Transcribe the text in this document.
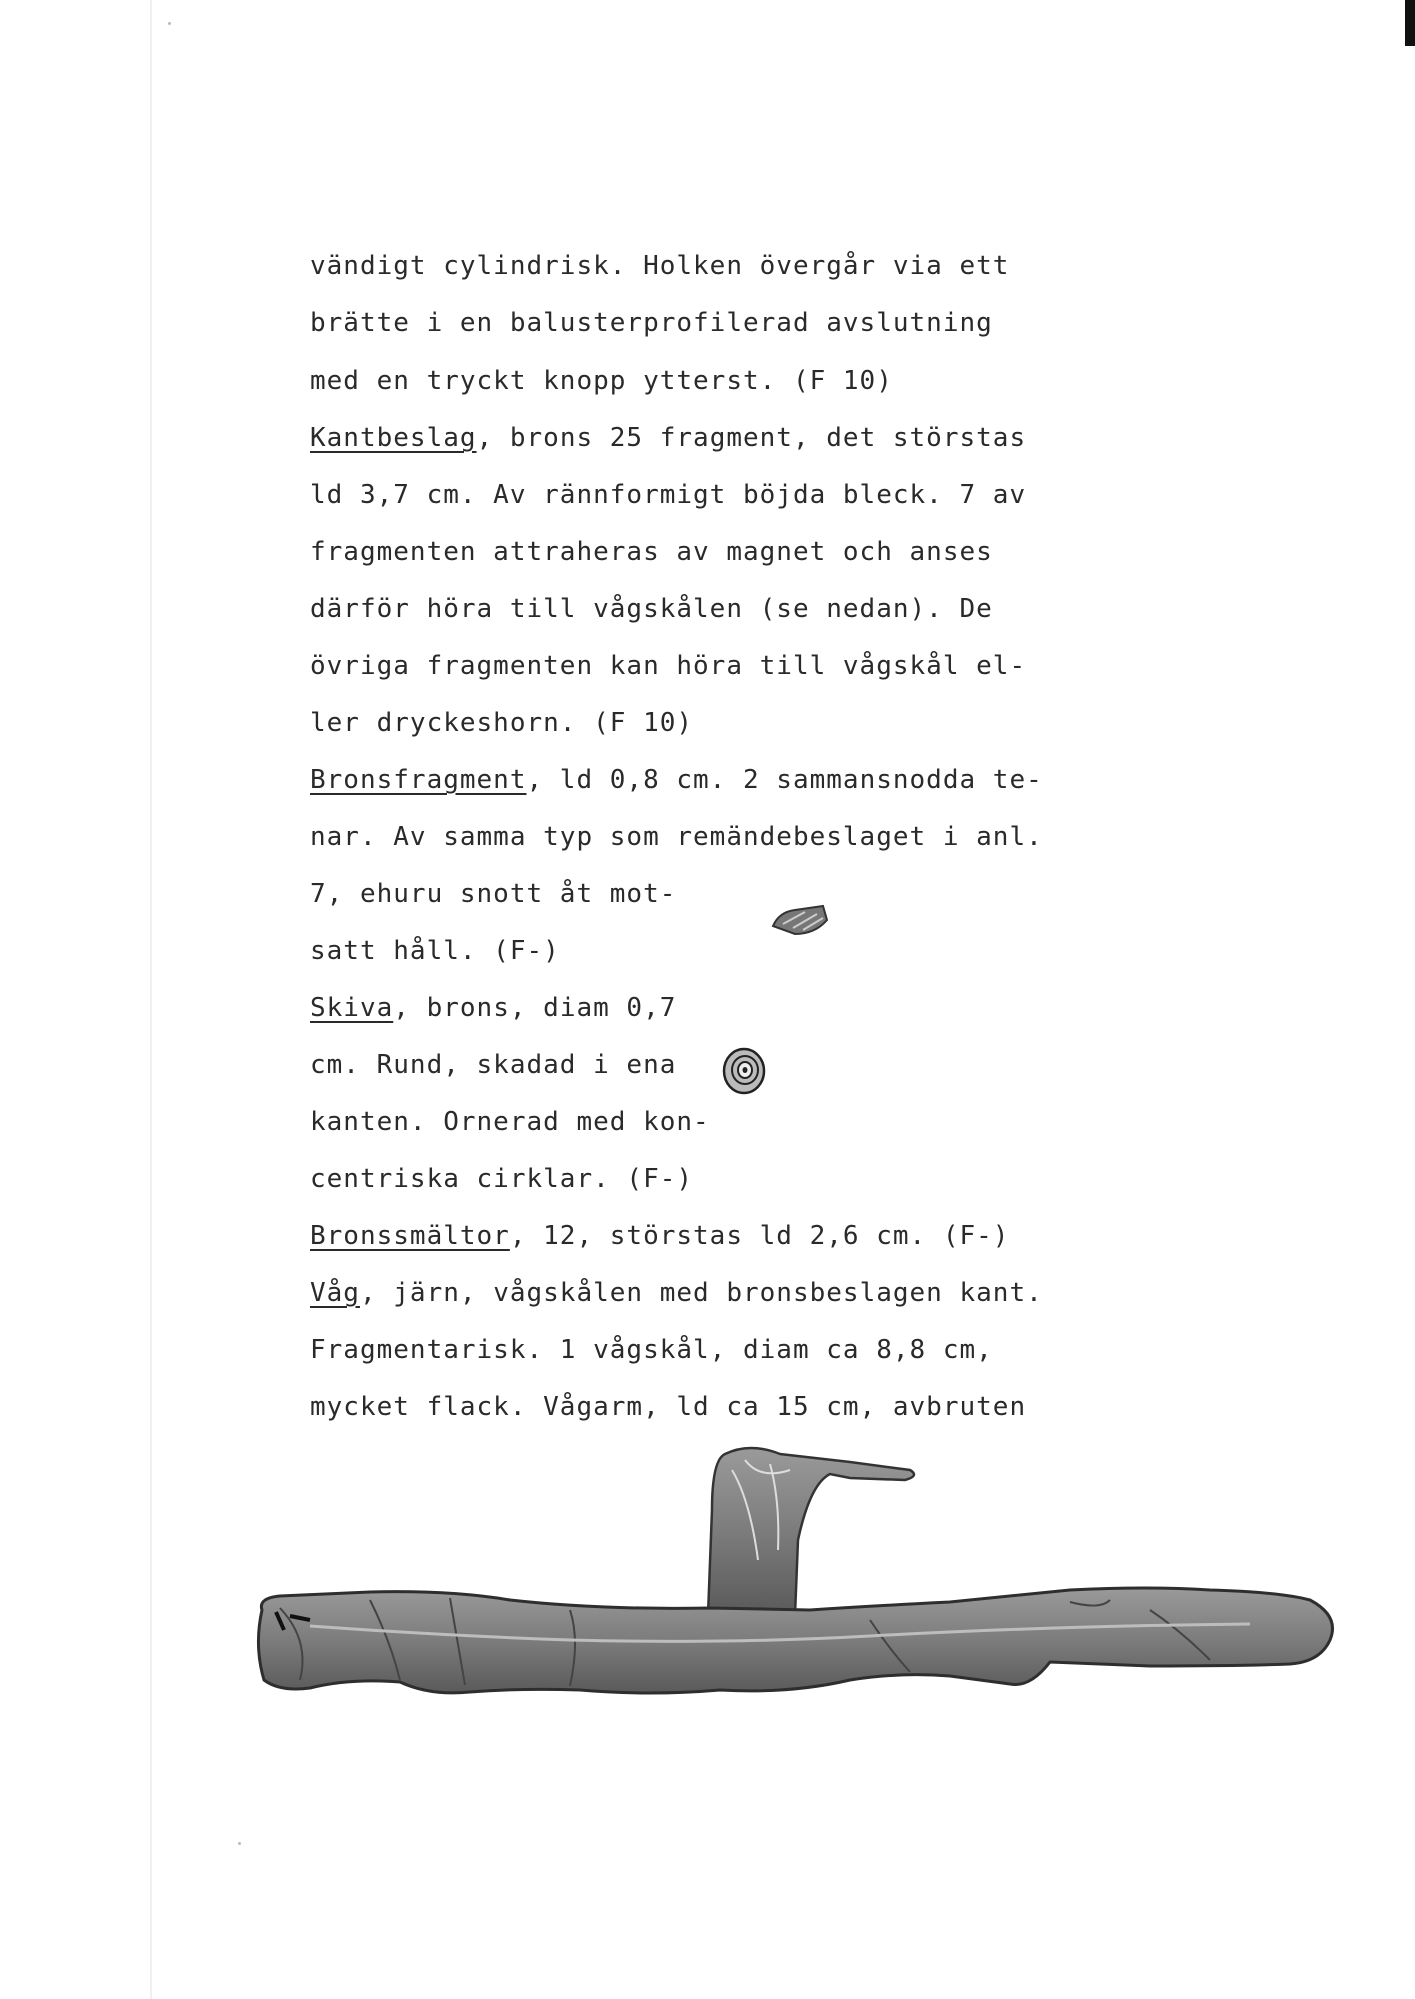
vändigt cylindrisk. Holken övergår via ett
brätte i en balusterprofilerad avslutning
med en tryckt knopp ytterst. (F 10)
Kantbeslag, brons 25 fragment, det störstas
ld 3,7 cm. Av rännformigt böjda bleck. 7 av
fragmenten attraheras av magnet och anses
därför höra till vågskålen (se nedan). De
övriga fragmenten kan höra till vågskål el-
ler dryckeshorn. (F 10)
Bronsfragment, ld 0,8 cm. 2 sammansnodda te-
nar. Av samma typ som remändebeslaget i anl.
7, ehuru snott åt mot-
satt håll. (F-)
Skiva, brons, diam 0,7
cm. Rund, skadad i ena
kanten. Ornerad med kon-
centriska cirklar. (F-)
Bronssmältor, 12, störstas ld 2,6 cm. (F-)
Våg, järn, vågskålen med bronsbeslagen kant.
Fragmentarisk. 1 vågskål, diam ca 8,8 cm,
mycket flack. Vågarm, ld ca 15 cm, avbruten
